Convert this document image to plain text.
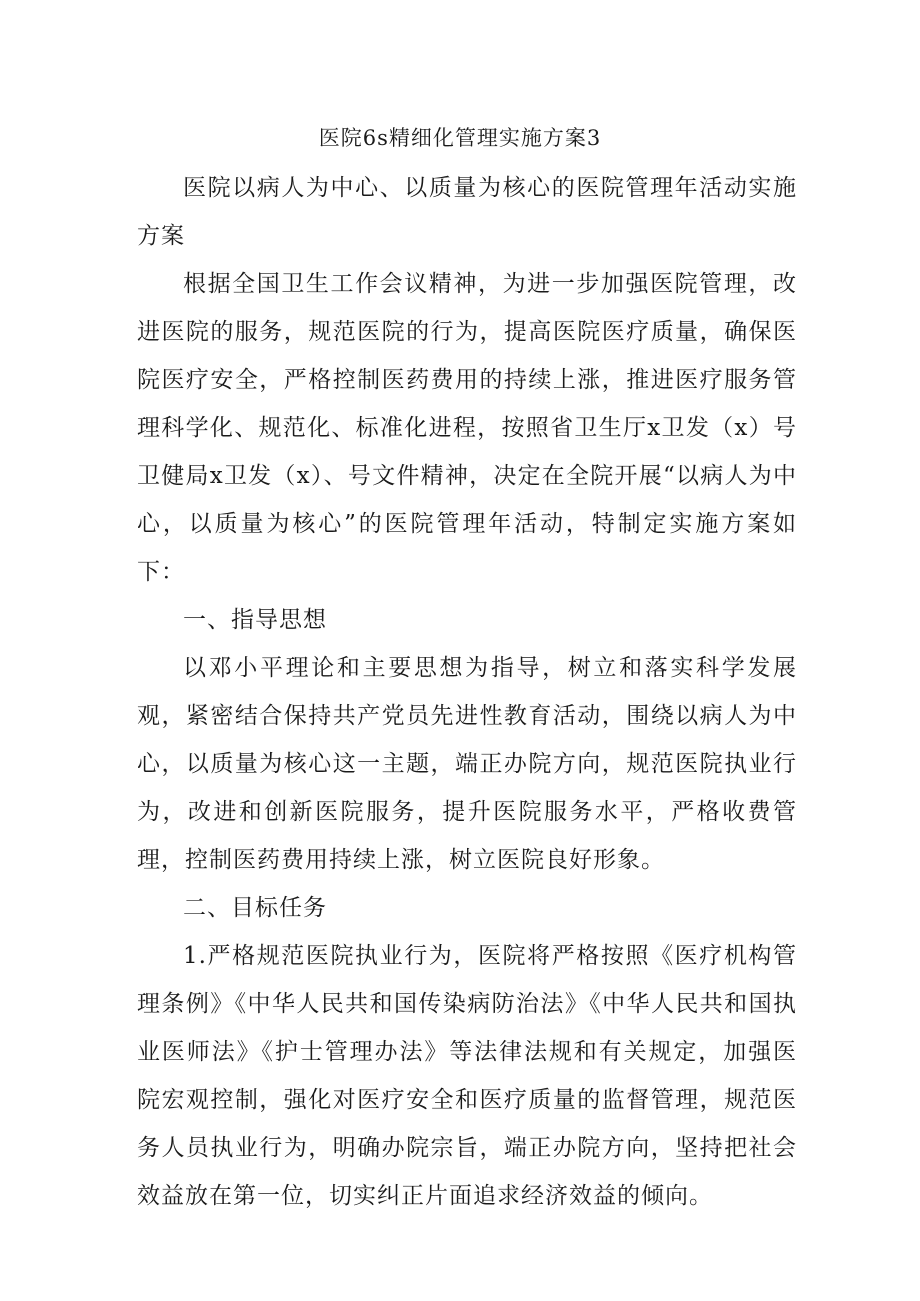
医院6s精细化管理实施方案3

医院以病人为中心、以质量为核心的医院管理年活动实施方案

根据全国卫生工作会议精神，为进一步加强医院管理，改进医院的服务，规范医院的行为，提高医院医疗质量，确保医院医疗安全，严格控制医药费用的持续上涨，推进医疗服务管理科学化、规范化、标准化进程，按照省卫生厅x卫发（x）号卫健局x卫发（x）、号文件精神，决定在全院开展“以病人为中心，以质量为核心”的医院管理年活动，特制定实施方案如下：

一、指导思想

以邓小平理论和主要思想为指导，树立和落实科学发展观，紧密结合保持共产党员先进性教育活动，围绕以病人为中心，以质量为核心这一主题，端正办院方向，规范医院执业行为，改进和创新医院服务，提升医院服务水平，严格收费管理，控制医药费用持续上涨，树立医院良好形象。

二、目标任务

1.严格规范医院执业行为，医院将严格按照《医疗机构管理条例》《中华人民共和国传染病防治法》《中华人民共和国执业医师法》《护士管理办法》等法律法规和有关规定，加强医院宏观控制，强化对医疗安全和医疗质量的监督管理，规范医务人员执业行为，明确办院宗旨，端正办院方向，坚持把社会效益放在第一位，切实纠正片面追求经济效益的倾向。
